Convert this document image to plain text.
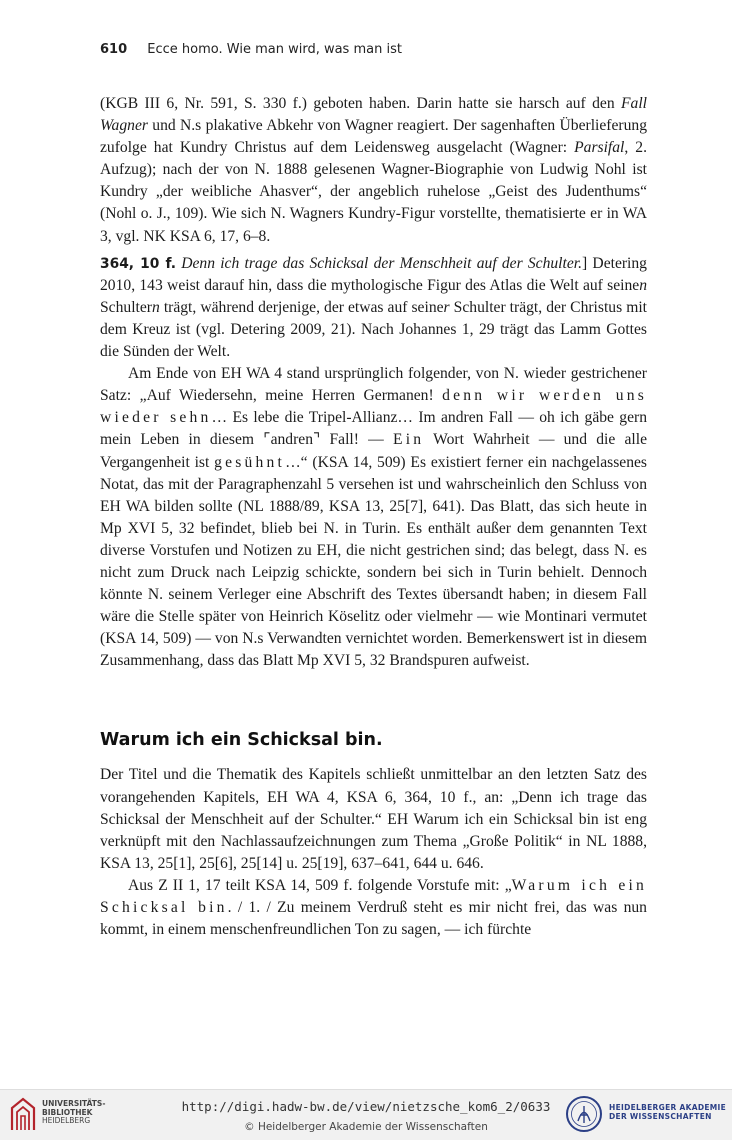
610 Ecce homo. Wie man wird, was man ist

(KGB III 6, Nr. 591, S. 330 f.) geboten haben. Darin hatte sie harsch auf den Fall Wagner und N.s plakative Abkehr von Wagner reagiert. Der sagenhaften Überlieferung zufolge hat Kundry Christus auf dem Leidensweg ausgelacht (Wagner: Parsifal, 2. Aufzug); nach der von N. 1888 gelesenen Wagner-Biographie von Ludwig Nohl ist Kundry „der weibliche Ahasver“, der angeblich ruhelose „Geist des Judenthums“ (Nohl o. J., 109). Wie sich N. Wagners Kundry-Figur vorstellte, thematisierte er in WA 3, vgl. NK KSA 6, 17, 6–8.

364, 10 f. Denn ich trage das Schicksal der Menschheit auf der Schulter.] Detering 2010, 143 weist darauf hin, dass die mythologische Figur des Atlas die Welt auf seinen Schultern trägt, während derjenige, der etwas auf seiner Schulter trägt, der Christus mit dem Kreuz ist (vgl. Detering 2009, 21). Nach Johannes 1, 29 trägt das Lamm Gottes die Sünden der Welt.

Am Ende von EH WA 4 stand ursprünglich folgender, von N. wieder gestrichener Satz: „Auf Wiedersehn, meine Herren Germanen! denn wir werden uns wieder sehn… Es lebe die Tripel-Allianz… Im andren Fall — oh ich gäbe gern mein Leben in diesem ⌜andren⌝ Fall! — Ein Wort Wahrheit — und die alle Vergangenheit ist gesühnt…“ (KSA 14, 509) Es existiert ferner ein nachgelassenes Notat, das mit der Paragraphenzahl 5 versehen ist und wahrscheinlich den Schluss von EH WA bilden sollte (NL 1888/89, KSA 13, 25[7], 641). Das Blatt, das sich heute in Mp XVI 5, 32 befindet, blieb bei N. in Turin. Es enthält außer dem genannten Text diverse Vorstufen und Notizen zu EH, die nicht gestrichen sind; das belegt, dass N. es nicht zum Druck nach Leipzig schickte, sondern bei sich in Turin behielt. Dennoch könnte N. seinem Verleger eine Abschrift des Textes übersandt haben; in diesem Fall wäre die Stelle später von Heinrich Köselitz oder vielmehr — wie Montinari vermutet (KSA 14, 509) — von N.s Verwandten vernichtet worden. Bemerkenswert ist in diesem Zusammenhang, dass das Blatt Mp XVI 5, 32 Brandspuren aufweist.

Warum ich ein Schicksal bin.

Der Titel und die Thematik des Kapitels schließt unmittelbar an den letzten Satz des vorangehenden Kapitels, EH WA 4, KSA 6, 364, 10 f., an: „Denn ich trage das Schicksal der Menschheit auf der Schulter.“ EH Warum ich ein Schicksal bin ist eng verknüpft mit den Nachlassaufzeichnungen zum Thema „Große Politik“ in NL 1888, KSA 13, 25[1], 25[6], 25[14] u. 25[19], 637–641, 644 u. 646.

Aus Z II 1, 17 teilt KSA 14, 509 f. folgende Vorstufe mit: „Warum ich ein Schicksal bin. / 1. / Zu meinem Verdruß steht es mir nicht frei, das was nun kommt, in einem menschenfreundlichen Ton zu sagen, — ich fürchte

UNIVERSITÄTS-
BIBLIOTHEK
HEIDELBERG
http://digi.hadw-bw.de/view/nietzsche_kom6_2/0633
© Heidelberger Akademie der Wissenschaften
HEIDELBERGER AKADEMIE
DER WISSENSCHAFTEN
